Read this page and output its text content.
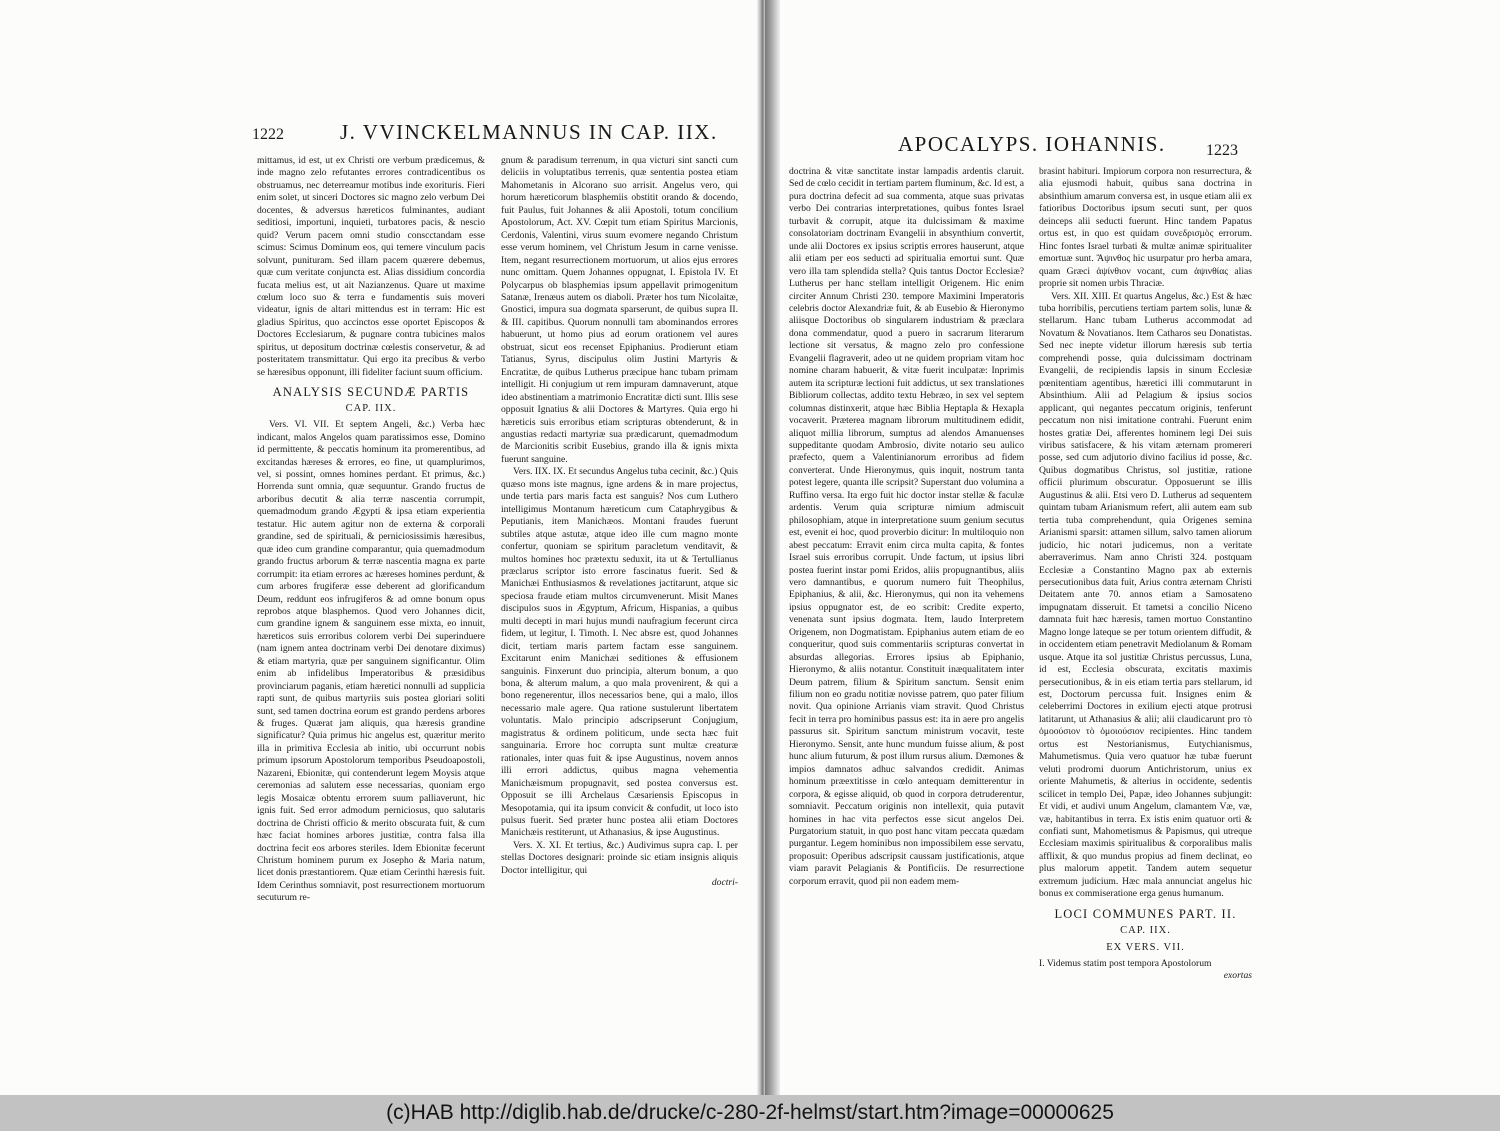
1222	J. VVINCKELMANNUS IN CAP. IIX.

mittamus, id est, ut ex Christi ore verbum prædicemus, & inde magno zelo refutantes errores contradicentibus os obstruamus, nec deterreamur motibus inde exorituris. Fieri enim solet, ut sinceri Doctores sic magno zelo verbum Dei docentes, & adversus hæreticos fulminantes, audiant seditiosi, importuni, inquieti, turbatores pacis, & nescio quid? Verum pacem omni studio conscctandam esse scimus: Scimus Dominum eos, qui temere vinculum pacis solvunt, punituram. Sed illam pacem quærere debemus, quæ cum veritate conjuncta est. Alias dissidium concordia fucata melius est, ut ait Nazianzenus. Quare ut maxime cœlum loco suo & terra e fundamentis suis moveri videatur, ignis de altari mittendus est in terram: Hic est gladius Spiritus, quo accinctos esse oportet Episcopos & Doctores Ecclesiarum, & pugnare contra tubicines malos spiritus, ut depositum doctrinæ cœlestis conservetur, & ad posteritatem transmittatur. Qui ergo ita precibus & verbo se hæresibus opponunt, illi fideliter faciunt suum officium.

ANALYSIS SECUNDÆ PARTIS
CAP. IIX.

Vers. VI. VII. Et septem Angeli, &c.) Verba hæc indicant, malos Angelos quam paratissimos esse, Domino id permittente, & peccatis hominum ita promerentibus, ad excitandas hæreses & errores, eo fine, ut quamplurimos, vel, si possint, omnes homines perdant. Et primus, &c.) Horrenda sunt omnia, quæ sequuntur. Grando fructus de arboribus decutit & alia terræ nascentia corrumpit, quemadmodum grando Ægypti & ipsa etiam experientia testatur. Hic autem agitur non de externa & corporali grandine, sed de spirituali, & perniciosissimis hæresibus, quæ ideo cum grandine comparantur, quia quemadmodum grando fructus arborum & terræ nascentia magna ex parte corrumpit: ita etiam errores ac hæreses homines perdunt, & cum arbores frugiferæ esse deberent ad glorificandum Deum, reddunt eos infrugiferos & ad omne bonum opus reprobos atque blasphemos. Quod vero Johannes dicit, cum grandine ignem & sanguinem esse mixta, eo innuit, hæreticos suis erroribus colorem verbi Dei superinduere (nam ignem antea doctrinam verbi Dei denotare diximus) & etiam martyria, quæ per sanguinem significantur. Olim enim ab infidelibus Imperatoribus & præsidibus provinciarum paganis, etiam hæretici nonnulli ad supplicia rapti sunt, de quibus martyriis suis postea gloriari soliti sunt, sed tamen doctrina eorum est grando perdens arbores & fruges. Quærat jam aliquis, qua hæresis grandine significatur? Quia primus hic angelus est, quæritur merito illa in primitiva Ecclesia ab initio, ubi occurrunt nobis primum ipsorum Apostolorum temporibus Pseudoapostoli, Nazareni, Ebionitæ, qui contenderunt legem Moysis atque ceremonias ad salutem esse necessarias, quoniam ergo legis Mosaicæ obtentu errorem suum palliaverunt, hic ignis fuit. Sed error admodum perniciosus, quo salutaris doctrina de Christi officio & merito obscurata fuit, & cum hæc faciat homines arbores justitiæ, contra falsa illa doctrina fecit eos arbores steriles. Idem Ebionitæ fecerunt Christum hominem purum ex Josepho & Maria natum, licet donis præstantiorem. Quæ etiam Cerinthi hæresis fuit. Idem Cerinthus somniavit, post resurrectionem mortuorum secuturum re-

gnum & paradisum terrenum, in qua victuri sint sancti cum deliciis in voluptatibus terrenis, quæ sententia postea etiam Mahometanis in Alcorano suo arrisit. Angelus vero, qui horum hæreticorum blasphemiis obstitit orando & docendo, fuit Paulus, fuit Johannes & alii Apostoli, totum concilium Apostolorum, Act. XV. Cœpit tum etiam Spiritus Marcionis, Cerdonis, Valentini, virus suum evomere negando Christum esse verum hominem, vel Christum Jesum in carne venisse. Item, negant resurrectionem mortuorum, ut alios ejus errores nunc omittam. Quem Johannes oppugnat, I. Epistola IV. Et Polycarpus ob blasphemias ipsum appellavit primogenitum Satanæ, Irenæus autem os diaboli. Præter hos tum Nicolaitæ, Gnostici, impura sua dogmata sparserunt, de quibus supra II. & III. capitibus. Quorum nonnulli tam abominandos errores habuerunt, ut homo pius ad eorum orationem vel aures obstruat, sicut eos recenset Epiphanius. Prodierunt etiam Tatianus, Syrus, discipulus olim Justini Martyris & Encratitæ, de quibus Lutherus præcipue hanc tubam primam intelligit. Hi conjugium ut rem impuram damnaverunt, atque ideo abstinentiam a matrimonio Encratitæ dicti sunt. Illis sese opposuit Ignatius & alii Doctores & Martyres. Quia ergo hi hæreticis suis erroribus etiam scripturas obtenderunt, & in angustias redacti martyriæ sua prædicarunt, quemadmodum de Marcionitis scribit Eusebius, grando illa & ignis mixta fuerunt sanguine.

Vers. IIX. IX. Et secundus Angelus tuba cecinit, &c.) Quis quæso mons iste magnus, igne ardens & in mare projectus, unde tertia pars maris facta est sanguis? Nos cum Luthero intelligimus Montanum hæreticum cum Cataphrygibus & Peputianis, item Manichæos. Montani fraudes fuerunt subtiles atque astutæ, atque ideo ille cum magno monte confertur, quoniam se spiritum paracletum venditavit, & multos homines hoc prætextu seduxit, ita ut & Tertullianus præclarus scriptor isto errore fascinatus fuerit. Sed & Manichæi Enthusiasmos & revelationes jactitarunt, atque sic speciosa fraude etiam multos circumvenerunt. Misit Manes discipulos suos in Ægyptum, Africum, Hispanias, a quibus multi decepti in mari hujus mundi naufragium fecerunt circa fidem, ut legitur, I. Timoth. I. Nec absre est, quod Johannes dicit, tertiam maris partem factam esse sanguinem. Excitarunt enim Manichæi seditiones & effusionem sanguinis. Finxerunt duo principia, alterum bonum, a quo bona, & alterum malum, a quo mala provenirent, & qui a bono regenerentur, illos necessarios bene, qui a malo, illos necessario male agere. Qua ratione sustulerunt libertatem voluntatis. Malo principio adscripserunt Conjugium, magistratus & ordinem politicum, unde secta hæc fuit sanguinaria. Errore hoc corrupta sunt multæ creaturæ rationales, inter quas fuit & ipse Augustinus, novem annos illi errori addictus, quibus magna vehementia Manichæismum propugnavit, sed postea conversus est. Opposuit se illi Archelaus Cæsariensis Episcopus in Mesopotamia, qui ita ipsum convicit & confudit, ut loco isto pulsus fuerit. Sed præter hunc postea alii etiam Doctores Manichæis restiterunt, ut Athanasius, & ipse Augustinus.

Vers. X. XI. Et tertius, &c.) Audivimus supra cap. I. per stellas Doctores designari: proinde sic etiam insignis aliquis Doctor intelligitur, qui

doctri-
APOCALYPS. IOHANNIS.	1223

doctrina & vitæ sanctitate instar lampadis ardentis claruit. Sed de cœlo cecidit in tertiam partem fluminum, &c. Id est, a pura doctrina defecit ad sua commenta, atque suas privatas verbo Dei contrarias interpretationes, quibus fontes Israel turbavit & corrupit, atque ita dulcissimam & maxime consolatoriam doctrinam Evangelii in absynthium convertit, unde alii Doctores ex ipsius scriptis errores hauserunt, atque alii etiam per eos seducti ad spiritualia emortui sunt. Quæ vero illa tam splendida stella? Quis tantus Doctor Ecclesiæ? Lutherus per hanc stellam intelligit Origenem. Hic enim circiter Annum Christi 230. tempore Maximini Imperatoris celebris doctor Alexandriæ fuit, & ab Eusebio & Hieronymo aliisque Doctoribus ob singularem industriam & præclara dona commendatur, quod a puero in sacrarum literarum lectione sit versatus, & magno zelo pro confessione Evangelii flagraverit, adeo ut ne quidem propriam vitam hoc nomine charam habuerit, & vitæ fuerit inculpatæ: Inprimis autem ita scripturæ lectioni fuit addictus, ut sex translationes Bibliorum collectas, addito textu Hebræo, in sex vel septem columnas distinxerit, atque hæc Biblia Heptapla & Hexapla vocaverit. Præterea magnam librorum multitudinem edidit, aliquot millia librorum, sumptus ad alendos Amanuenses suppeditante quodam Ambrosio, divite notario seu aulico præfecto, quem a Valentinianorum erroribus ad fidem converterat. Unde Hieronymus, quis inquit, nostrum tanta potest legere, quanta ille scripsit? Superstant duo volumina a Ruffino versa. Ita ergo fuit hic doctor instar stellæ & faculæ ardentis. Verum quia scripturæ nimium admiscuit philosophiam, atque in interpretatione suum genium secutus est, evenit ei hoc, quod proverbio dicitur: In multiloquio non abest peccatum: Erravit enim circa multa capita, & fontes Israel suis erroribus corrupit. Unde factum, ut ipsius libri postea fuerint instar pomi Eridos, aliis propugnantibus, aliis vero damnantibus, e quorum numero fuit Theophilus, Epiphanius, & alii, &c. Hieronymus, qui non ita vehemens ipsius oppugnator est, de eo scribit: Credite experto, venenata sunt ipsius dogmata. Item, laudo Interpretem Origenem, non Dogmatistam. Epiphanius autem etiam de eo conqueritur, quod suis commentariis scripturas convertat in absurdas allegorias. Errores ipsius ab Epiphanio, Hieronymo, & aliis notantur. Constituit inæqualitatem inter Deum patrem, filium & Spiritum sanctum. Sensit enim filium non eo gradu notitiæ novisse patrem, quo pater filium novit. Qua opinione Arrianis viam stravit. Quod Christus fecit in terra pro hominibus passus est: ita in aere pro angelis passurus sit. Spiritum sanctum ministrum vocavit, teste Hieronymo. Sensit, ante hunc mundum fuisse alium, & post hunc alium futurum, & post illum rursus alium. Dæmones & impios damnatos adhuc salvandos credidit. Animas hominum præextitisse in cœlo antequam demitterentur in corpora, & egisse aliquid, ob quod in corpora detruderentur, somniavit. Peccatum originis non intellexit, quia putavit homines in hac vita perfectos esse sicut angelos Dei. Purgatorium statuit, in quo post hanc vitam peccata quædam purgantur. Legem hominibus non impossibilem esse servatu, proposuit: Operibus adscripsit caussam justificationis, atque viam paravit Pelagianis & Pontificiis. De resurrectione corporum erravit, quod pii non eadem mem-

brasint habituri. Impiorum corpora non resurrectura, & alia ejusmodi habuit, quibus sana doctrina in absinthium amarum conversa est, in usque etiam alii ex fatioribus Doctoribus ipsum secuti sunt, per quos deinceps alii seducti fuerunt. Hinc tandem Papatus ortus est, in quo est quidam συνεδρισμὸς errorum. Hinc fontes Israel turbati & multæ animæ spiritualiter emortuæ sunt. Ἄψινθος hic usurpatur pro herba amara, quam Græci ἀψίνθιον vocant, cum ἀψινθίας alias proprie sit nomen urbis Thraciæ.

Vers. XII. XIII. Et quartus Angelus, &c.) Est & hæc tuba horribilis, percutiens tertiam partem solis, lunæ & stellarum. Hanc tubam Lutherus accommodat ad Novatum & Novatianos. Item Catharos seu Donatistas. Sed nec inepte videtur illorum hæresis sub tertia comprehendi posse, quia dulcissimam doctrinam Evangelii, de recipiendis lapsis in sinum Ecclesiæ pœnitentiam agentibus, hæretici illi commutarunt in Absinthium. Alii ad Pelagium & ipsius socios applicant, qui negantes peccatum originis, tenferunt peccatum non nisi imitatione contrahi. Fuerunt enim hostes gratiæ Dei, afferentes hominem legi Dei suis viribus satisfacere, & his vitam æternam promereri posse, sed cum adjutorio divino facilius id posse, &c. Quibus dogmatibus Christus, sol justitiæ, ratione officii plurimum obscuratur. Opposuerunt se illis Augustinus & alii. Etsi vero D. Lutherus ad sequentem quintam tubam Arianismum refert, alii autem eam sub tertia tuba comprehendunt, quia Origenes semina Arianismi sparsit: attamen sillum, salvo tamen aliorum judicio, hic notari judicemus, non a veritate aberraverimus. Nam anno Christi 324. postquam Ecclesiæ a Constantino Magno pax ab externis persecutionibus data fuit, Arius contra æternam Christi Deitatem ante 70. annos etiam a Samosateno impugnatam disseruit. Et tametsi a concilio Niceno damnata fuit hæc hæresis, tamen mortuo Constantino Magno longe lateque se per totum orientem diffudit, & in occidentem etiam penetravit Mediolanum & Romam usque. Atque ita sol justitiæ Christus percussus, Luna, id est, Ecclesia obscurata, excitatis maximis persecutionibus, & in eis etiam tertia pars stellarum, id est, Doctorum percussa fuit. Insignes enim & celeberrimi Doctores in exilium ejecti atque protrusi latitarunt, ut Athanasius & alii; alii claudicarunt pro τὸ ὁμοούσιον τὸ ὁμοιούσιον recipientes. Hinc tandem ortus est Nestorianismus, Eutychianismus, Mahumetismus. Quia vero quatuor hæ tubæ fuerunt veluti prodromi duorum Antichristorum, unius ex oriente Mahumetis, & alterius in occidente, sedentis scilicet in templo Dei, Papæ, ideo Johannes subjungit: Et vidi, et audivi unum Angelum, clamantem Væ, væ, væ, habitantibus in terra. Ex istis enim quatuor orti & confiati sunt, Mahometismus & Papismus, qui utreque Ecclesiam maximis spiritualibus & corporalibus malis afflixit, & quo mundus propius ad finem declinat, eo plus malorum appetit. Tandem autem sequetur extremum judicium. Hæc mala annunciat angelus hic bonus ex commiseratione erga genus humanum.

LOCI COMMUNES PART. II.
CAP. IIX.
EX VERS. VII.

I. Videmus statim post tempora Apostolorum

exortas
(c)HAB http://diglib.hab.de/drucke/c-280-2f-helmst/start.htm?image=00000625
